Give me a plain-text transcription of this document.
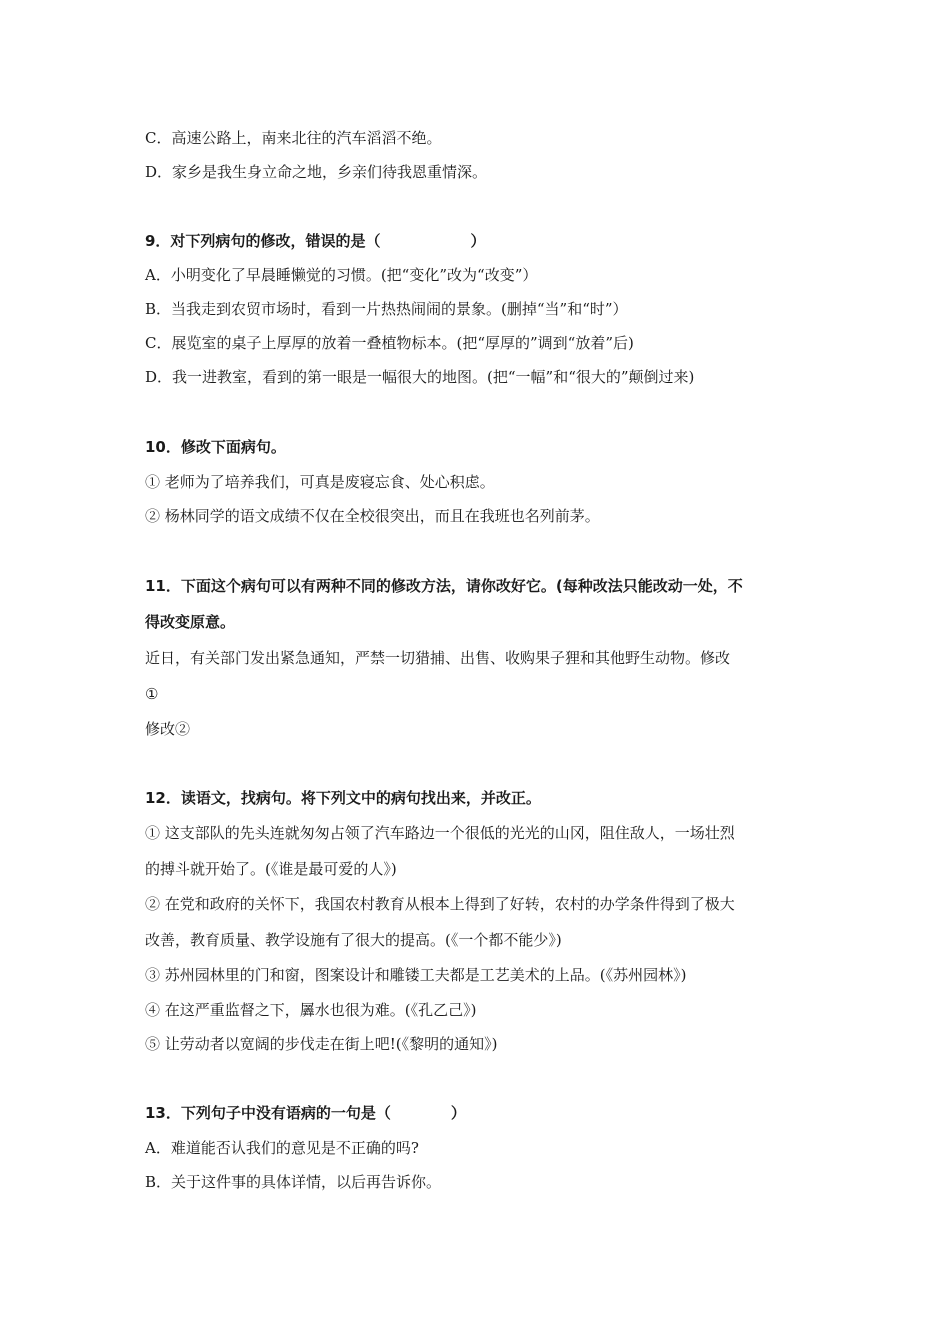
C．高速公路上，南来北往的汽车滔滔不绝。
D．家乡是我生身立命之地，乡亲们待我恩重情深。
9．对下列病句的修改，错误的是（　　　　　　）
A．小明变化了早晨睡懒觉的习惯。(把“变化”改为“改变”）
B．当我走到农贸市场时，看到一片热热闹闹的景象。(删掉“当”和“时”）
C．展览室的桌子上厚厚的放着一叠植物标本。(把“厚厚的”调到“放着”后)
D．我一进教室，看到的第一眼是一幅很大的地图。(把“一幅”和“很大的”颠倒过来)
10．修改下面病句。
① 老师为了培养我们，可真是废寝忘食、处心积虑。
② 杨林同学的语文成绩不仅在全校很突出，而且在我班也名列前茅。
11．下面这个病句可以有两种不同的修改方法，请你改好它。(每种改法只能改动一处，不
得改变原意。
近日，有关部门发出紧急通知，严禁一切猎捕、出售、收购果子狸和其他野生动物。修改
①
修改②
12．读语文，找病句。将下列文中的病句找出来，并改正。
① 这支部队的先头连就匆匆占领了汽车路边一个很低的光光的山冈，阻住敌人，一场壮烈
的搏斗就开始了。(《谁是最可爱的人》)
② 在党和政府的关怀下，我国农村教育从根本上得到了好转，农村的办学条件得到了极大
改善，教育质量、教学设施有了很大的提高。(《一个都不能少》)
③ 苏州园林里的门和窗，图案设计和雕镂工夫都是工艺美术的上品。(《苏州园林》)
④ 在这严重监督之下，羼水也很为难。(《孔乙己》)
⑤ 让劳动者以宽阔的步伐走在街上吧!(《黎明的通知》)
13．下列句子中没有语病的一句是（　　　　）
A．难道能否认我们的意见是不正确的吗?
B．关于这件事的具体详情，以后再告诉你。
